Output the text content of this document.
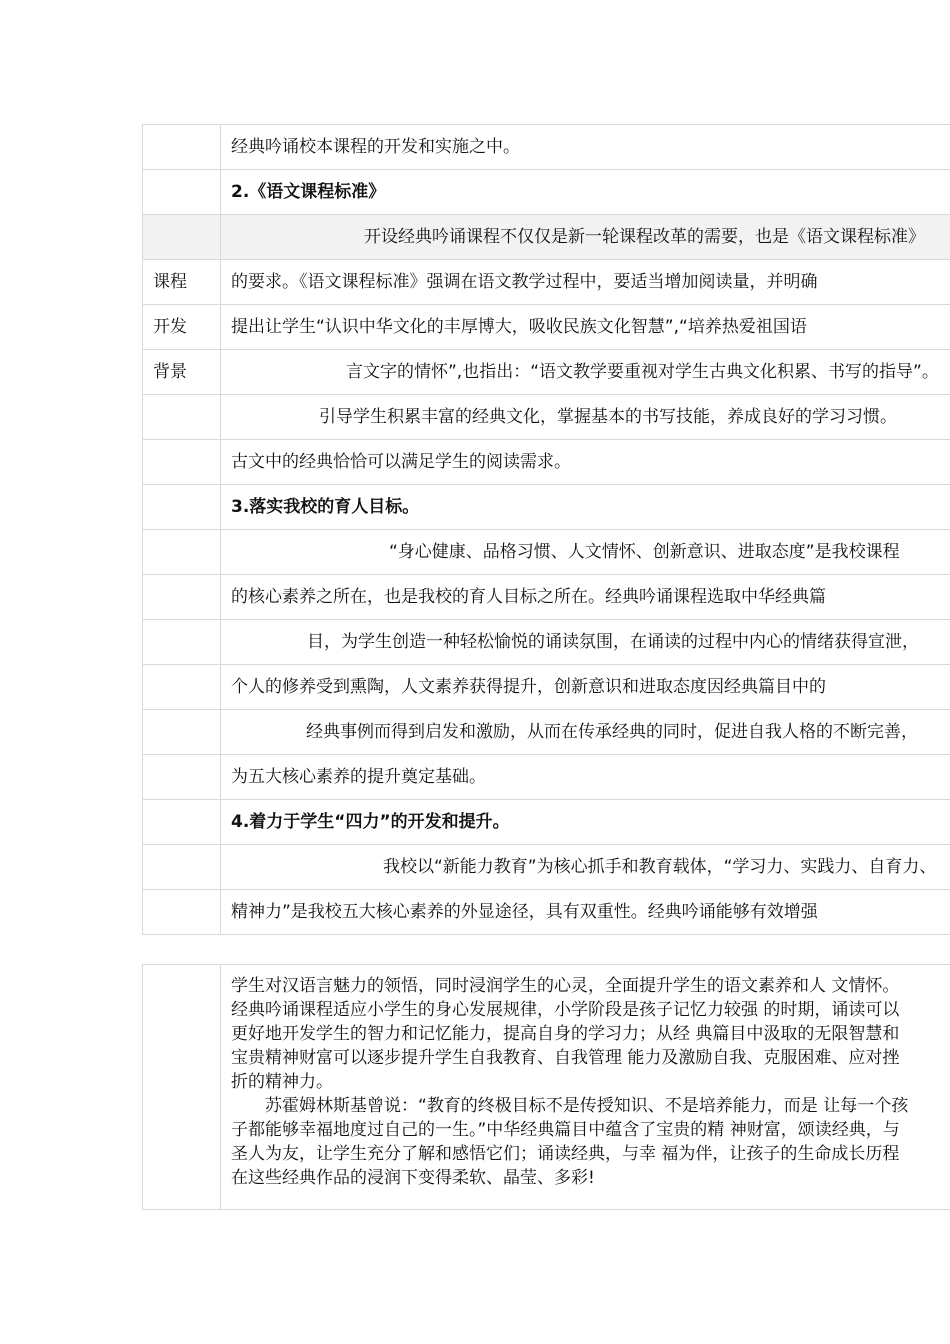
经典吟诵校本课程的开发和实施之中。
2.《语文课程标准》
开设经典吟诵课程不仅仅是新一轮课程改革的需要，也是《语文课程标准》
课程	的要求。《语文课程标准》强调在语文教学过程中，要适当增加阅读量，并明确
开发	提出让学生“认识中华文化的丰厚博大，吸收民族文化智慧”,“培养热爱祖国语
背景	言文字的情怀”,也指出：“语文教学要重视对学生古典文化积累、书写的指导”。
引导学生积累丰富的经典文化，掌握基本的书写技能，养成良好的学习习惯。
古文中的经典恰恰可以满足学生的阅读需求。
3.落实我校的育人目标。
“身心健康、品格习惯、人文情怀、创新意识、进取态度”是我校课程
的核心素养之所在，也是我校的育人目标之所在。经典吟诵课程选取中华经典篇
目，为学生创造一种轻松愉悦的诵读氛围，在诵读的过程中内心的情绪获得宣泄，
个人的修养受到熏陶，人文素养获得提升，创新意识和进取态度因经典篇目中的
经典事例而得到启发和激励，从而在传承经典的同时，促进自我人格的不断完善，
为五大核心素养的提升奠定基础。
4.着力于学生“四力”的开发和提升。
我校以“新能力教育”为核心抓手和教育载体，“学习力、实践力、自育力、
精神力”是我校五大核心素养的外显途径，具有双重性。经典吟诵能够有效增强
学生对汉语言魅力的领悟，同时浸润学生的心灵，全面提升学生的语文素养和人 文情怀。
经典吟诵课程适应小学生的身心发展规律，小学阶段是孩子记忆力较强 的时期，诵读可以
更好地开发学生的智力和记忆能力，提高自身的学习力；从经 典篇目中汲取的无限智慧和
宝贵精神财富可以逐步提升学生自我教育、自我管理 能力及激励自我、克服困难、应对挫
折的精神力。
　　苏霍姆林斯基曾说：“教育的终极目标不是传授知识、不是培养能力，而是 让每一个孩
子都能够幸福地度过自己的一生。”中华经典篇目中蕴含了宝贵的精 神财富，颂读经典，与
圣人为友，让学生充分了解和感悟它们；诵读经典，与幸 福为伴，让孩子的生命成长历程
在这些经典作品的浸润下变得柔软、晶莹、多彩!
